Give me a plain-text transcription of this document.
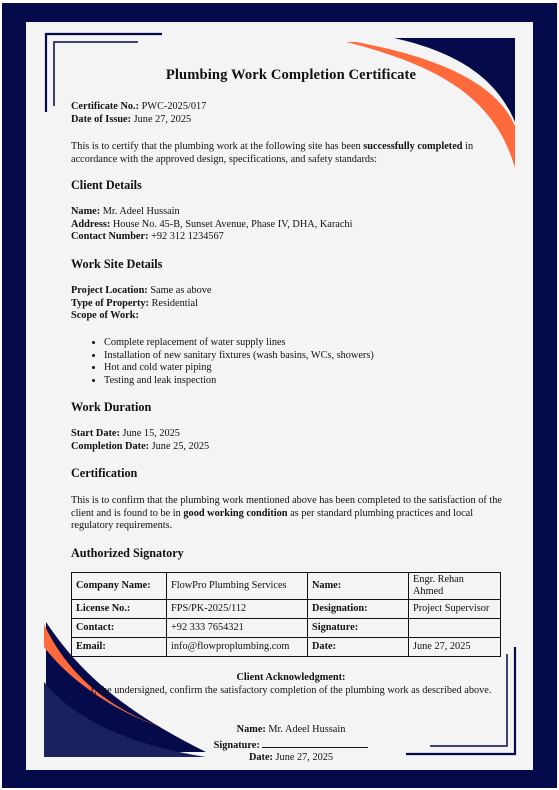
Plumbing Work Completion Certificate
Certificate No.: PWC-2025/017
Date of Issue: June 27, 2025
This is to certify that the plumbing work at the following site has been successfully completed in accordance with the approved design, specifications, and safety standards:
Client Details
Name: Mr. Adeel Hussain
Address: House No. 45-B, Sunset Avenue, Phase IV, DHA, Karachi
Contact Number: +92 312 1234567
Work Site Details
Project Location: Same as above
Type of Property: Residential
Scope of Work:
• Complete replacement of water supply lines
• Installation of new sanitary fixtures (wash basins, WCs, showers)
• Hot and cold water piping
• Testing and leak inspection
Work Duration
Start Date: June 15, 2025
Completion Date: June 25, 2025
Certification
This is to confirm that the plumbing work mentioned above has been completed to the satisfaction of the client and is found to be in good working condition as per standard plumbing practices and local regulatory requirements.
Authorized Signatory
Company Name:	FlowPro Plumbing Services	Name:	Engr. Rehan Ahmed
License No.:	FPS/PK-2025/112	Designation:	Project Supervisor
Contact:	+92 333 7654321	Signature:	
Email:	info@flowproplumbing.com	Date:	June 27, 2025
Client Acknowledgment:
I, the undersigned, confirm the satisfactory completion of the plumbing work as described above.
Name: Mr. Adeel Hussain
Signature:
Date: June 27, 2025
